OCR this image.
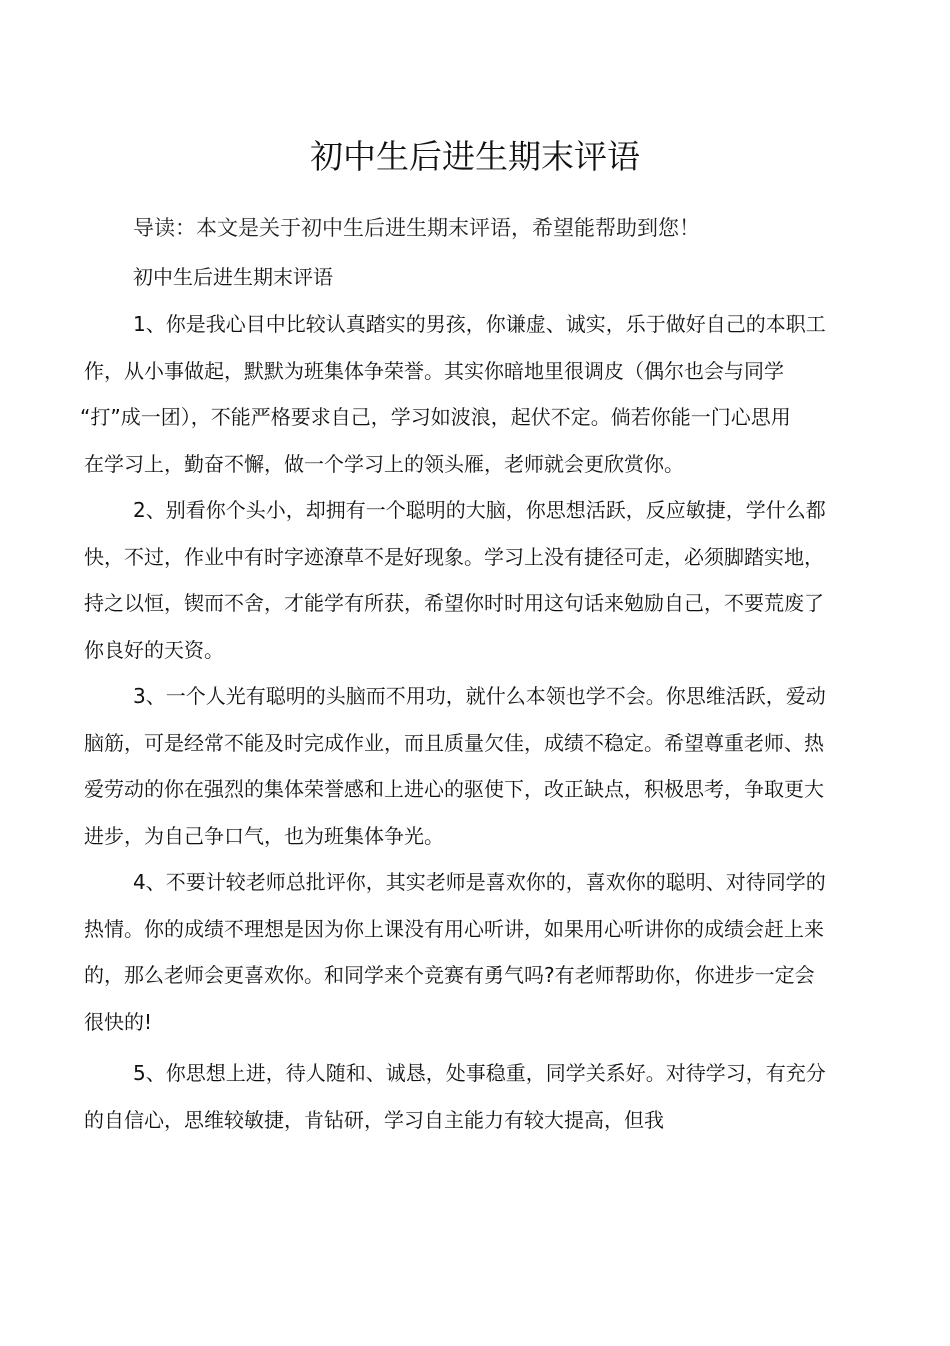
初中生后进生期末评语
导读：本文是关于初中生后进生期末评语，希望能帮助到您！
初中生后进生期末评语
1、你是我心目中比较认真踏实的男孩，你谦虚、诚实，乐于做好自己的本职工
作，从小事做起，默默为班集体争荣誉。其实你暗地里很调皮（偶尔也会与同学
“打”成一团），不能严格要求自己，学习如波浪，起伏不定。倘若你能一门心思用
在学习上，勤奋不懈，做一个学习上的领头雁，老师就会更欣赏你。
2、别看你个头小，却拥有一个聪明的大脑，你思想活跃，反应敏捷，学什么都
快，不过，作业中有时字迹潦草不是好现象。学习上没有捷径可走，必须脚踏实地，
持之以恒，锲而不舍，才能学有所获，希望你时时用这句话来勉励自己，不要荒废了
你良好的天资。
3、一个人光有聪明的头脑而不用功，就什么本领也学不会。你思维活跃，爱动
脑筋，可是经常不能及时完成作业，而且质量欠佳，成绩不稳定。希望尊重老师、热
爱劳动的你在强烈的集体荣誉感和上进心的驱使下，改正缺点，积极思考，争取更大
进步，为自己争口气，也为班集体争光。
4、不要计较老师总批评你，其实老师是喜欢你的，喜欢你的聪明、对待同学的
热情。你的成绩不理想是因为你上课没有用心听讲，如果用心听讲你的成绩会赶上来
的，那么老师会更喜欢你。和同学来个竞赛有勇气吗?有老师帮助你，你进步一定会
很快的!
5、你思想上进，待人随和、诚恳，处事稳重，同学关系好。对待学习，有充分
的自信心，思维较敏捷，肯钻研，学习自主能力有较大提高，但我
